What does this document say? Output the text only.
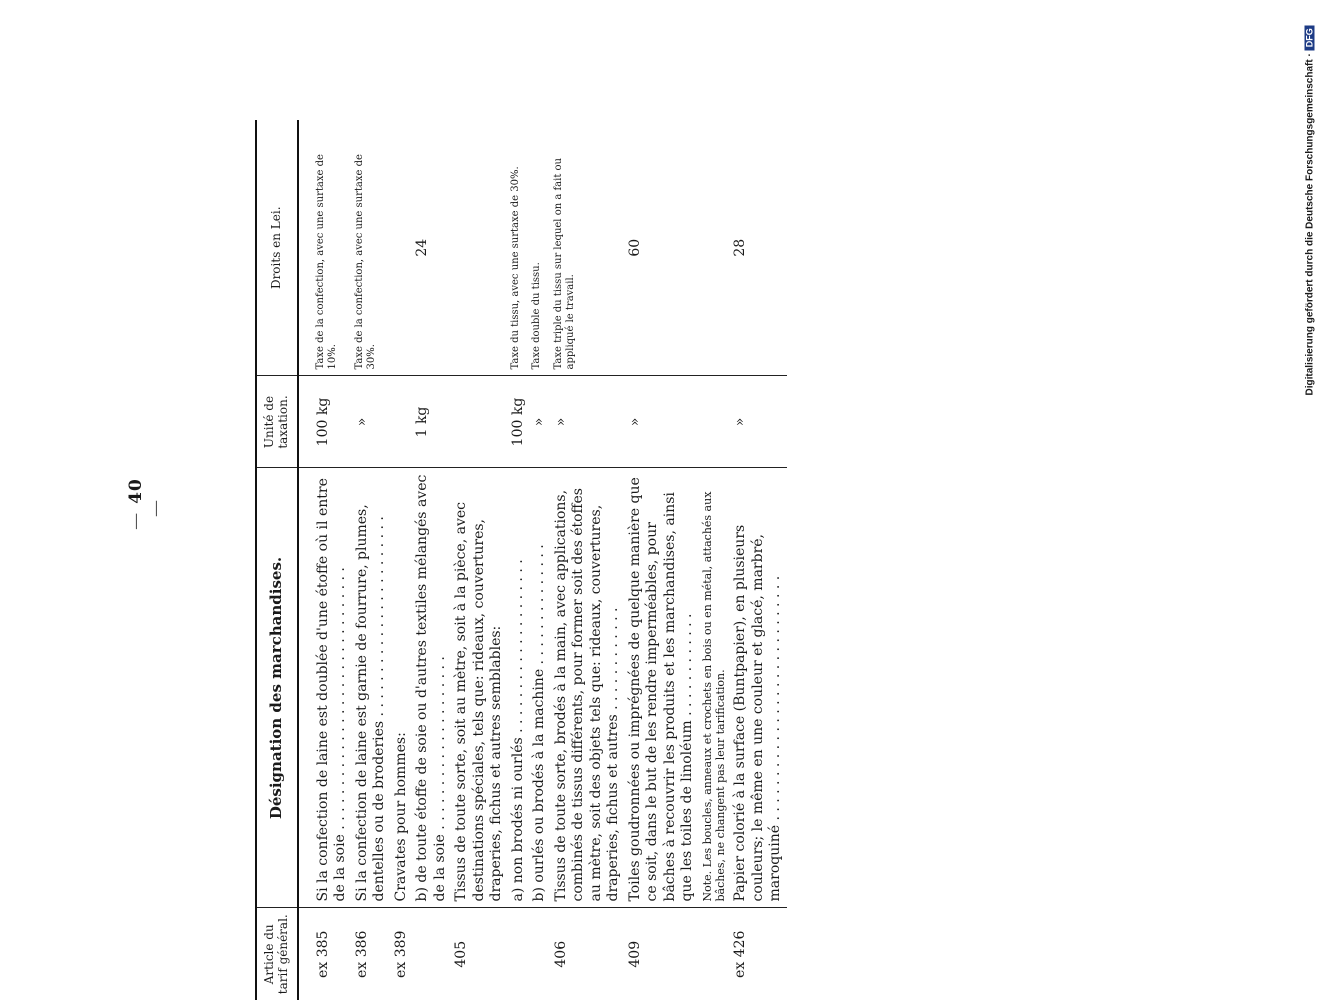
—40—
Digitalisierung gefördert durch die Deutsche Forschungsgemeinschaft ·DFG
Article du tarif général.	Désignation des marchandises.	Unité de taxation.	Droits en Lei.

ex 385	Si la confection de laine est doublée d'une étoffe où il entre de la soie . . . . . . . . . . . . . . . . . . . . . . . . . . . . . .	100 kg	Taxe de la confection, avec une surtaxe de 10%.
ex 386	Si la confection de laine est garnie de fourrure, plumes, dentelles ou de broderies . . . . . . . . . . . . . . . . . . . . . . .	»	Taxe de la confection, avec une surtaxe de 30%.
ex 389	Cravates pour hommes:		
	b) de toute étoffe de soie ou d'autres textiles mélangés avec de la soie . . . . . . . . . . . . . . . . . . . .	1 kg	24
405	Tissus de toute sorte, soit au mètre, soit à la pièce, avec destinations spéciales, tels que: rideaux, couvertures, draperies, fichus et autres semblables:		
	a) non brodés ni ourlés . . . . . . . . . . . . . . . . . . . .	100 kg	Taxe du tissu, avec une surtaxe de 30%.
	b) ourlés ou brodés à la machine . . . . . . . . . . . . . .	»	Taxe double du tissu.
406	Tissus de toute sorte, brodés à la main, avec applications, combinés de tissus différents, pour former soit des étoffes au mètre, soit des objets tels que: rideaux, couvertures, draperies, fichus et autres . . . . . . . . . . . .	»	Taxe triple du tissu sur lequel on a fait ou appliqué le travail.
409	Toiles goudronnées ou imprégnées de quelque manière que ce soit, dans le but de les rendre imperméables, pour bâches à recouvrir les produits et les marchandises, ainsi que les toiles de linoléum . . . . . . . . . . . .	»	60
	Note. Les boucles, anneaux et crochets en bois ou en métal, attachés aux bâches, ne changent pas leur tarification.		
ex 426	Papier colorié à la surface (Buntpapier), en plusieurs couleurs; le même en une couleur et glacé, marbré, maroquiné . . . . . . . . . . . . . . . . . . . . . . . . . . . .	»	28
